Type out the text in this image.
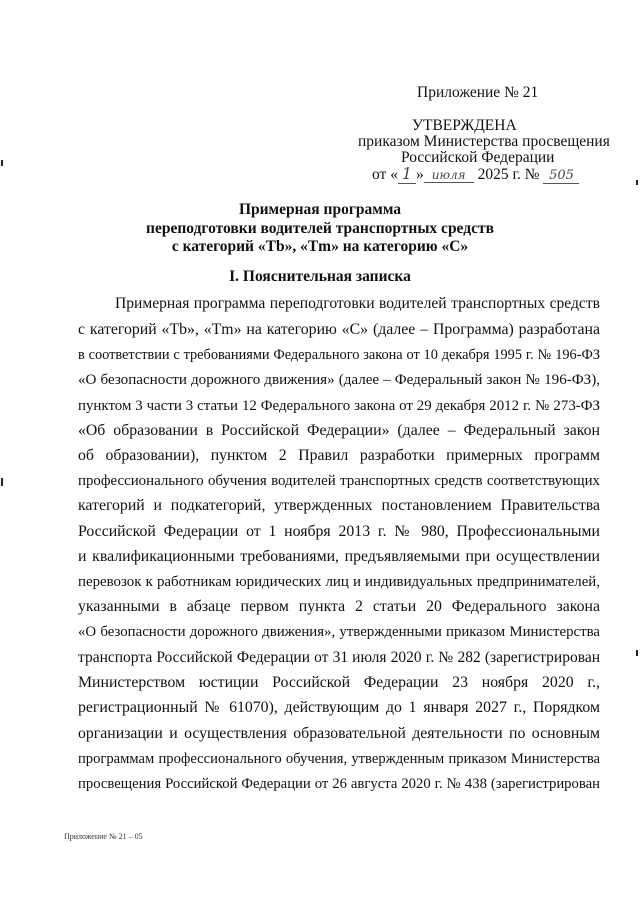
Приложение № 21
УТВЕРЖДЕНА
приказом Министерства просвещения
Российской Федерации
от « 1 » июля 2025 г. № 505
Примерная программа
переподготовки водителей транспортных средств
с категорий «Tb», «Tm» на категорию «C»
I. Пояснительная записка
Примерная программа переподготовки водителей транспортных средств
с категорий «Tb», «Tm» на категорию «C» (далее – Программа) разработана
в соответствии с требованиями Федерального закона от 10 декабря 1995 г. № 196-ФЗ
«О безопасности дорожного движения» (далее – Федеральный закон № 196-ФЗ),
пунктом 3 части 3 статьи 12 Федерального закона от 29 декабря 2012 г. № 273-ФЗ
«Об образовании в Российской Федерации» (далее – Федеральный закон
об образовании), пунктом 2 Правил разработки примерных программ
профессионального обучения водителей транспортных средств соответствующих
категорий и подкатегорий, утвержденных постановлением Правительства
Российской Федерации от 1 ноября 2013 г. № 980, Профессиональными
и квалификационными требованиями, предъявляемыми при осуществлении
перевозок к работникам юридических лиц и индивидуальных предпринимателей,
указанными в абзаце первом пункта 2 статьи 20 Федерального закона
«О безопасности дорожного движения», утвержденными приказом Министерства
транспорта Российской Федерации от 31 июля 2020 г. № 282 (зарегистрирован
Министерством юстиции Российской Федерации 23 ноября 2020 г.,
регистрационный № 61070), действующим до 1 января 2027 г., Порядком
организации и осуществления образовательной деятельности по основным
программам профессионального обучения, утвержденным приказом Министерства
просвещения Российской Федерации от 26 августа 2020 г. № 438 (зарегистрирован
Приложение № 21 – 05
